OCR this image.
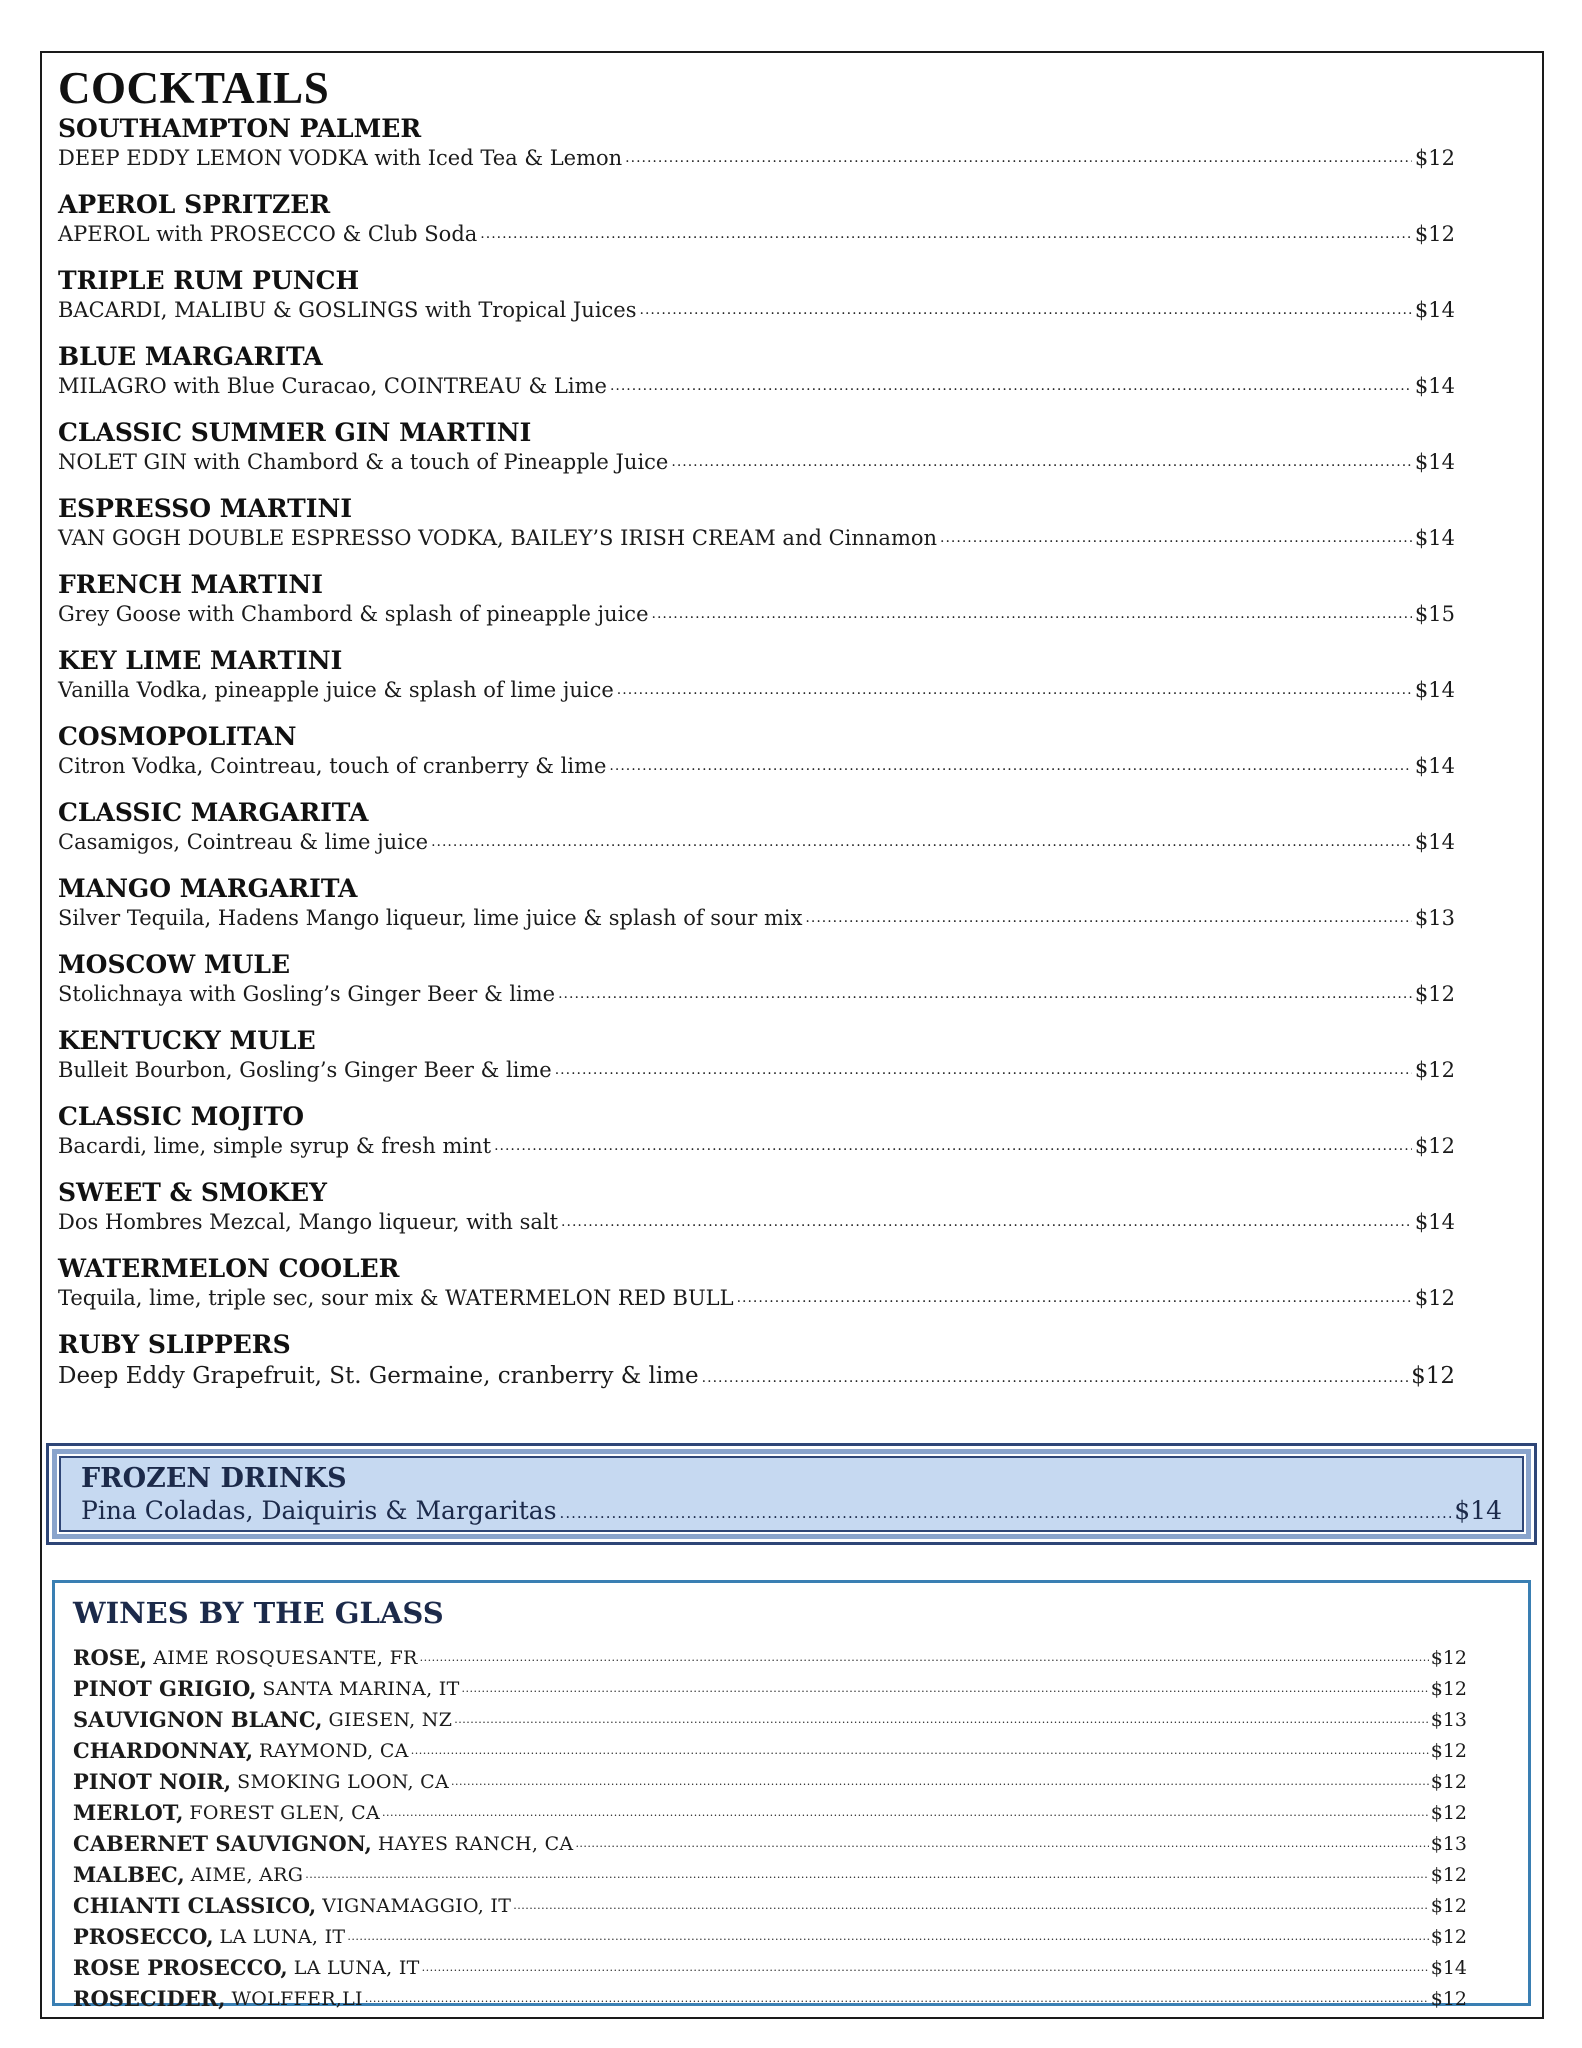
COCKTAILS
SOUTHAMPTON PALMER
DEEP EDDY LEMON VODKA with Iced Tea & Lemon .....	$12
APEROL SPRITZER
APEROL with PROSECCO & Club Soda .....	$12
TRIPLE RUM PUNCH
BACARDI, MALIBU & GOSLINGS with Tropical Juices .....	$14
BLUE MARGARITA
MILAGRO with Blue Curacao, COINTREAU & Lime .....	$14
CLASSIC SUMMER GIN MARTINI
NOLET GIN with Chambord & a touch of Pineapple Juice .....	$14
ESPRESSO MARTINI
VAN GOGH DOUBLE ESPRESSO VODKA, BAILEY’S IRISH CREAM and Cinnamon .....	$14
FRENCH MARTINI
Grey Goose with Chambord & splash of pineapple juice .....	$15
KEY LIME MARTINI
Vanilla Vodka, pineapple juice & splash of lime juice .....	$14
COSMOPOLITAN
Citron Vodka, Cointreau, touch of cranberry & lime .....	$14
CLASSIC MARGARITA
Casamigos, Cointreau & lime juice .....	$14
MANGO MARGARITA
Silver Tequila, Hadens Mango liqueur, lime juice & splash of sour mix .....	$13
MOSCOW MULE
Stolichnaya with Gosling’s Ginger Beer & lime .....	$12
KENTUCKY MULE
Bulleit Bourbon, Gosling’s Ginger Beer & lime .....	$12
CLASSIC MOJITO
Bacardi, lime, simple syrup & fresh mint .....	$12
SWEET & SMOKEY
Dos Hombres Mezcal, Mango liqueur, with salt .....	$14
WATERMELON COOLER
Tequila, lime, triple sec, sour mix & WATERMELON RED BULL .....	$12
RUBY SLIPPERS
Deep Eddy Grapefruit, St. Germaine, cranberry & lime .....	$12
FROZEN DRINKS
Pina Coladas, Daiquiris & Margaritas .....	$14
WINES BY THE GLASS
ROSE, AIME ROSQUESANTE, FR .....	$12
PINOT GRIGIO, SANTA MARINA, IT .....	$12
SAUVIGNON BLANC, GIESEN, NZ .....	$13
CHARDONNAY, RAYMOND, CA .....	$12
PINOT NOIR, SMOKING LOON, CA .....	$12
MERLOT, FOREST GLEN, CA .....	$12
CABERNET SAUVIGNON, HAYES RANCH, CA .....	$13
MALBEC, AIME, ARG .....	$12
CHIANTI CLASSICO, VIGNAMAGGIO, IT .....	$12
PROSECCO, LA LUNA, IT .....	$12
ROSE PROSECCO, LA LUNA, IT .....	$14
ROSECIDER, WOLFFER,LI .....	$12
